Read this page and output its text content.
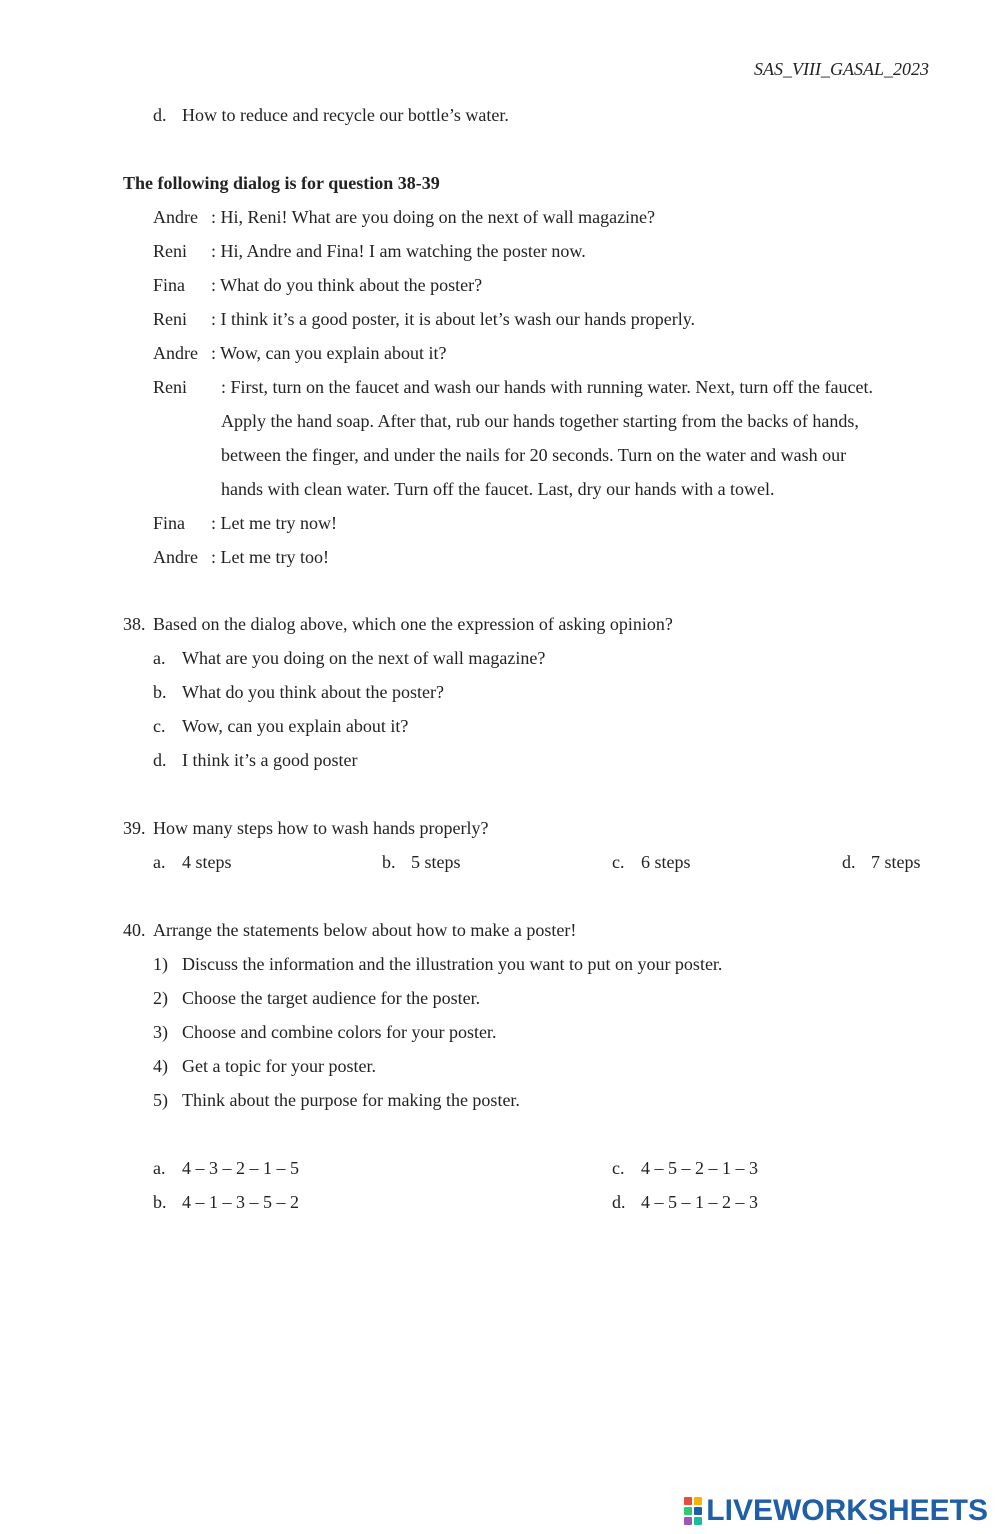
SAS_VIII_GASAL_2023
d. How to reduce and recycle our bottle’s water.
The following dialog is for question 38-39
Andre : Hi, Reni! What are you doing on the next of wall magazine?
Reni : Hi, Andre and Fina! I am watching the poster now.
Fina : What do you think about the poster?
Reni : I think it’s a good poster, it is about let’s wash our hands properly.
Andre : Wow, can you explain about it?
Reni : First, turn on the faucet and wash our hands with running water. Next, turn off the faucet.
Apply the hand soap. After that, rub our hands together starting from the backs of hands,
between the finger, and under the nails for 20 seconds. Turn on the water and wash our
hands with clean water. Turn off the faucet. Last, dry our hands with a towel.
Fina : Let me try now!
Andre : Let me try too!
38. Based on the dialog above, which one the expression of asking opinion?
a. What are you doing on the next of wall magazine?
b. What do you think about the poster?
c. Wow, can you explain about it?
d. I think it’s a good poster
39. How many steps how to wash hands properly?
a. 4 steps	b. 5 steps	c. 6 steps	d. 7 steps
40. Arrange the statements below about how to make a poster!
1) Discuss the information and the illustration you want to put on your poster.
2) Choose the target audience for the poster.
3) Choose and combine colors for your poster.
4) Get a topic for your poster.
5) Think about the purpose for making the poster.
a. 4 – 3 – 2 – 1 – 5
b. 4 – 1 – 3 – 5 – 2
c. 4 – 5 – 2 – 1 – 3
d. 4 – 5 – 1 – 2 – 3
LIVEWORKSHEETS
